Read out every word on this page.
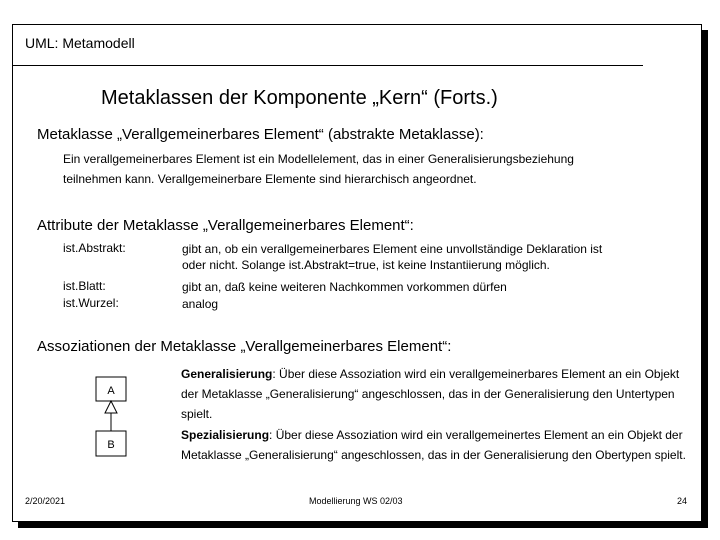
UML: Metamodell
Metaklassen der Komponente „Kern“ (Forts.)
Metaklasse „Verallgemeinerbares Element“ (abstrakte Metaklasse):
Ein verallgemeinerbares Element ist ein Modellelement, das in einer Generalisierungsbeziehung
teilnehmen kann. Verallgemeinerbare Elemente sind hierarchisch angeordnet.
Attribute der Metaklasse „Verallgemeinerbares Element“:
ist.Abstrakt:	gibt an, ob ein verallgemeinerbares Element eine unvollständige Deklaration ist
oder nicht. Solange ist.Abstrakt=true, ist keine Instantiierung möglich.
ist.Blatt:	gibt an, daß keine weiteren Nachkommen vorkommen dürfen
ist.Wurzel:	analog
Assoziationen der Metaklasse „Verallgemeinerbares Element“:
A
B
Generalisierung: Über diese Assoziation wird ein verallgemeinerbares Element an ein Objekt der Metaklasse „Generalisierung“ angeschlossen, das in der Generalisierung den Untertypen spielt.
Spezialisierung: Über diese Assoziation wird ein verallgemeinertes Element an ein Objekt der Metaklasse „Generalisierung“ angeschlossen, das in der Generalisierung den Obertypen spielt.
2/20/2021	Modellierung WS 02/03	24
